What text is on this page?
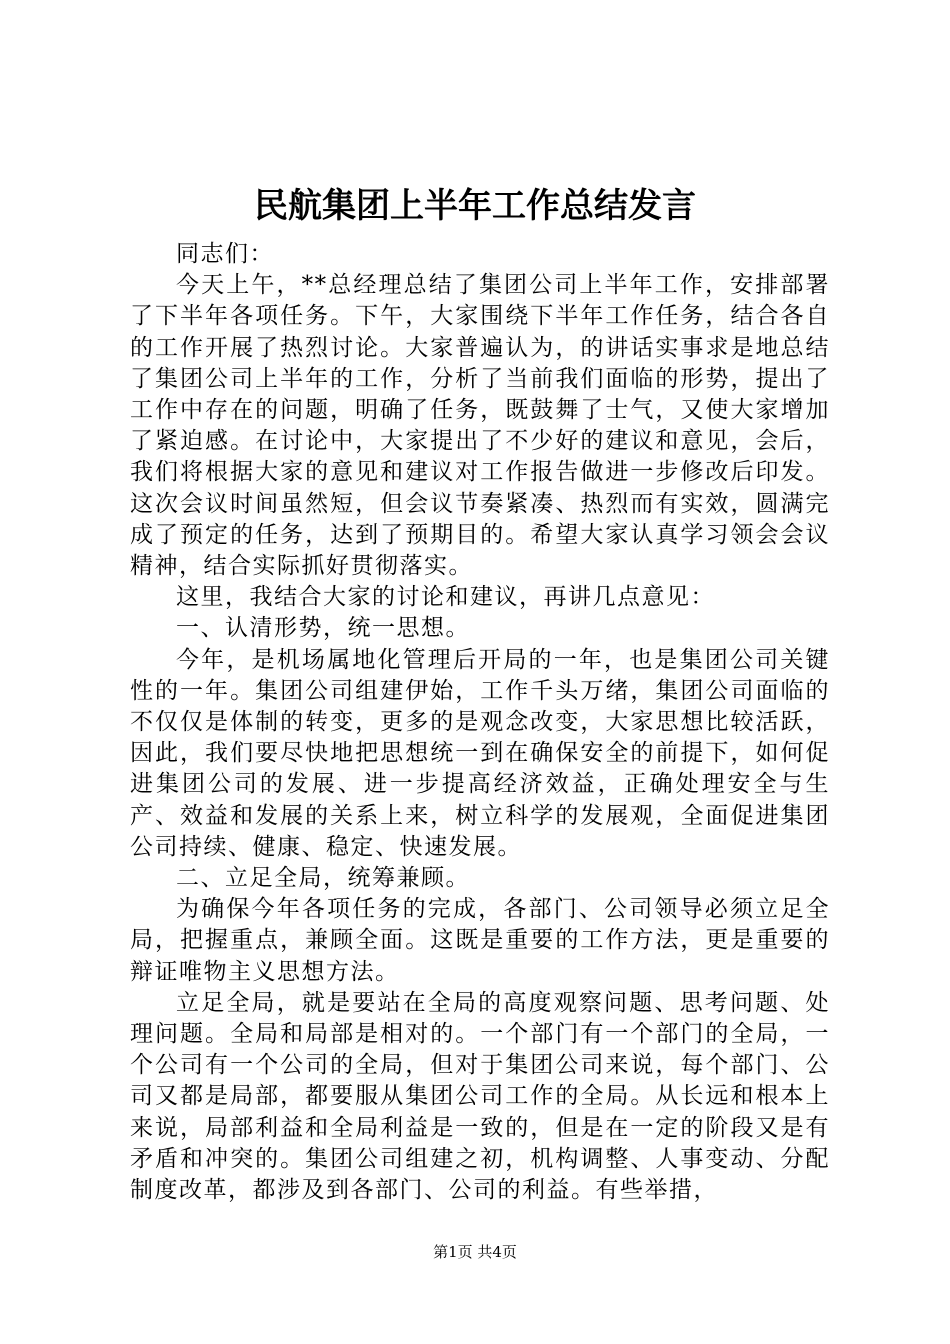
民航集团上半年工作总结发言

同志们：

今天上午，**总经理总结了集团公司上半年工作，安排部署了下半年各项任务。下午，大家围绕下半年工作任务，结合各自的工作开展了热烈讨论。大家普遍认为，的讲话实事求是地总结了集团公司上半年的工作，分析了当前我们面临的形势，提出了工作中存在的问题，明确了任务，既鼓舞了士气，又使大家增加了紧迫感。在讨论中，大家提出了不少好的建议和意见，会后，我们将根据大家的意见和建议对工作报告做进一步修改后印发。这次会议时间虽然短，但会议节奏紧凑、热烈而有实效，圆满完成了预定的任务，达到了预期目的。希望大家认真学习领会会议精神，结合实际抓好贯彻落实。

这里，我结合大家的讨论和建议，再讲几点意见：

一、认清形势，统一思想。

今年，是机场属地化管理后开局的一年，也是集团公司关键性的一年。集团公司组建伊始，工作千头万绪，集团公司面临的不仅仅是体制的转变，更多的是观念改变，大家思想比较活跃，因此，我们要尽快地把思想统一到在确保安全的前提下，如何促进集团公司的发展、进一步提高经济效益，正确处理安全与生产、效益和发展的关系上来，树立科学的发展观，全面促进集团公司持续、健康、稳定、快速发展。

二、立足全局，统筹兼顾。

为确保今年各项任务的完成，各部门、公司领导必须立足全局，把握重点，兼顾全面。这既是重要的工作方法，更是重要的辩证唯物主义思想方法。

立足全局，就是要站在全局的高度观察问题、思考问题、处理问题。全局和局部是相对的。一个部门有一个部门的全局，一个公司有一个公司的全局，但对于集团公司来说，每个部门、公司又都是局部，都要服从集团公司工作的全局。从长远和根本上来说，局部利益和全局利益是一致的，但是在一定的阶段又是有矛盾和冲突的。集团公司组建之初，机构调整、人事变动、分配制度改革，都涉及到各部门、公司的利益。有些举措，

第1页 共4页
